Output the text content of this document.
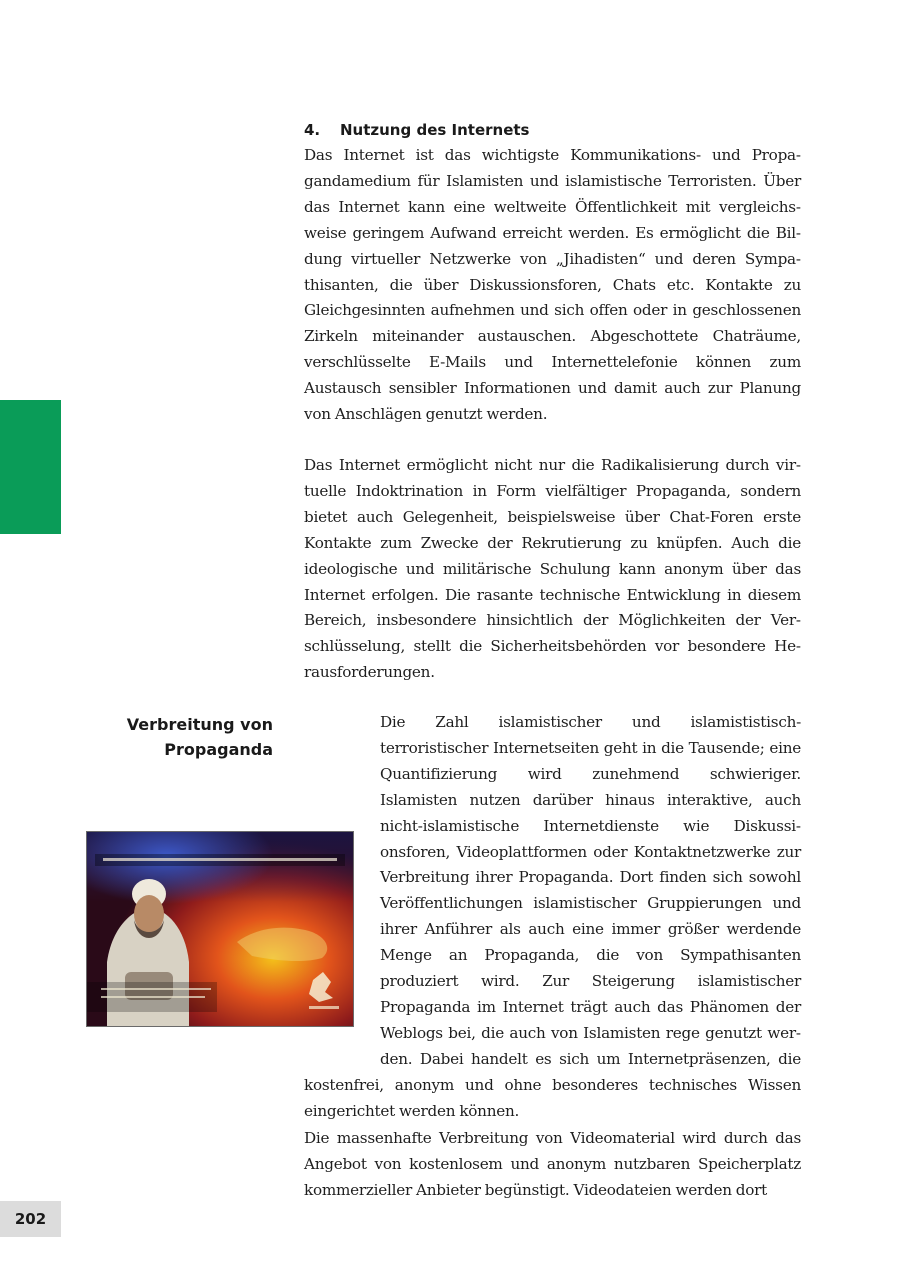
4. Nutzung des Internets

Das Internet ist das wichtigste Kommunikations- und Propagandamedium für Islamisten und islamistische Terroristen. Über das Internet kann eine weltweite Öffentlichkeit mit vergleichsweise geringem Aufwand erreicht werden. Es ermöglicht die Bildung virtueller Netzwerke von „Jihadisten“ und deren Sympathisanten, die über Diskussionsforen, Chats etc. Kontakte zu Gleichgesinnten aufnehmen und sich offen oder in geschlossenen Zirkeln miteinander austauschen. Abgeschottete Chaträume, verschlüsselte E-Mails und Internettelefonie können zum Austausch sensibler Informationen und damit auch zur Planung von Anschlägen genutzt werden.

Das Internet ermöglicht nicht nur die Radikalisierung durch virtuelle Indoktrination in Form vielfältiger Propaganda, sondern bietet auch Gelegenheit, beispielsweise über Chat-Foren erste Kontakte zum Zwecke der Rekrutierung zu knüpfen. Auch die ideologische und militärische Schulung kann anonym über das Internet erfolgen. Die rasante technische Entwicklung in diesem Bereich, insbesondere hinsichtlich der Möglichkeiten der Verschlüsselung, stellt die Sicherheitsbehörden vor besondere Herausforderungen.

Verbreitung von
Propaganda
Die Zahl islamistischer und islamististisch-terroristischer Internetseiten geht in die Tausende; eine Quantifizierung wird zunehmend schwieriger. Islamisten nutzen darüber hinaus interaktive, auch nicht-islamistische Internetdienste wie Diskussionsforen, Videoplattformen oder Kontaktnetzwerke zur Verbreitung ihrer Propaganda. Dort finden sich sowohl Veröffentlichungen islamistischer Gruppierungen und ihrer Anführer als auch eine immer größer werdende Menge an Propaganda, die von Sympathisanten produziert wird. Zur Steigerung islamistischer Propaganda im Internet trägt auch das Phänomen der Weblogs bei, die auch von Islamisten rege genutzt werden. Dabei handelt es sich um Internetpräsenzen, die kostenfrei, anonym und ohne besonderes technisches Wissen eingerichtet werden können.

Die massenhafte Verbreitung von Videomaterial wird durch das Angebot von kostenlosem und anonym nutzbaren Speicherplatz kommerzieller Anbieter begünstigt. Videodateien werden dort

202
